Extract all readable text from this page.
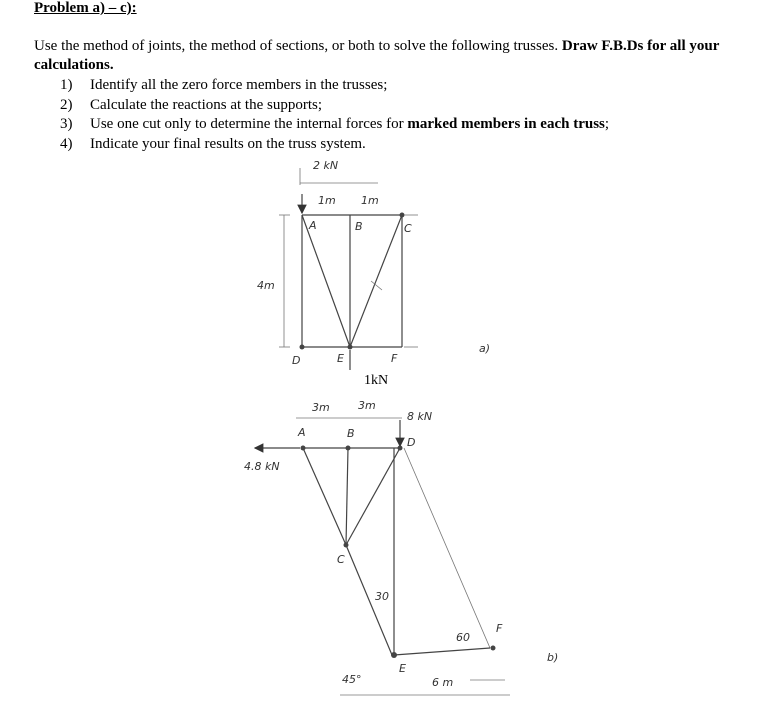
Problem a) – c):
Use the method of joints, the method of sections, or both to solve the following trusses. Draw F.B.Ds for all your calculations.
1)	Identify all the zero force members in the trusses;
2)	Calculate the reactions at the supports;
3)	Use one cut only to determine the internal forces for marked members in each truss;
4)	Indicate your final results on the truss system.
2 kN
1m 1m
4m
A	B	C
D	E	F
1kN
a)
3m	3m
8 kN
4.8 kN
A	B
C
D
E
F
30
45°
60
6 m
b)
